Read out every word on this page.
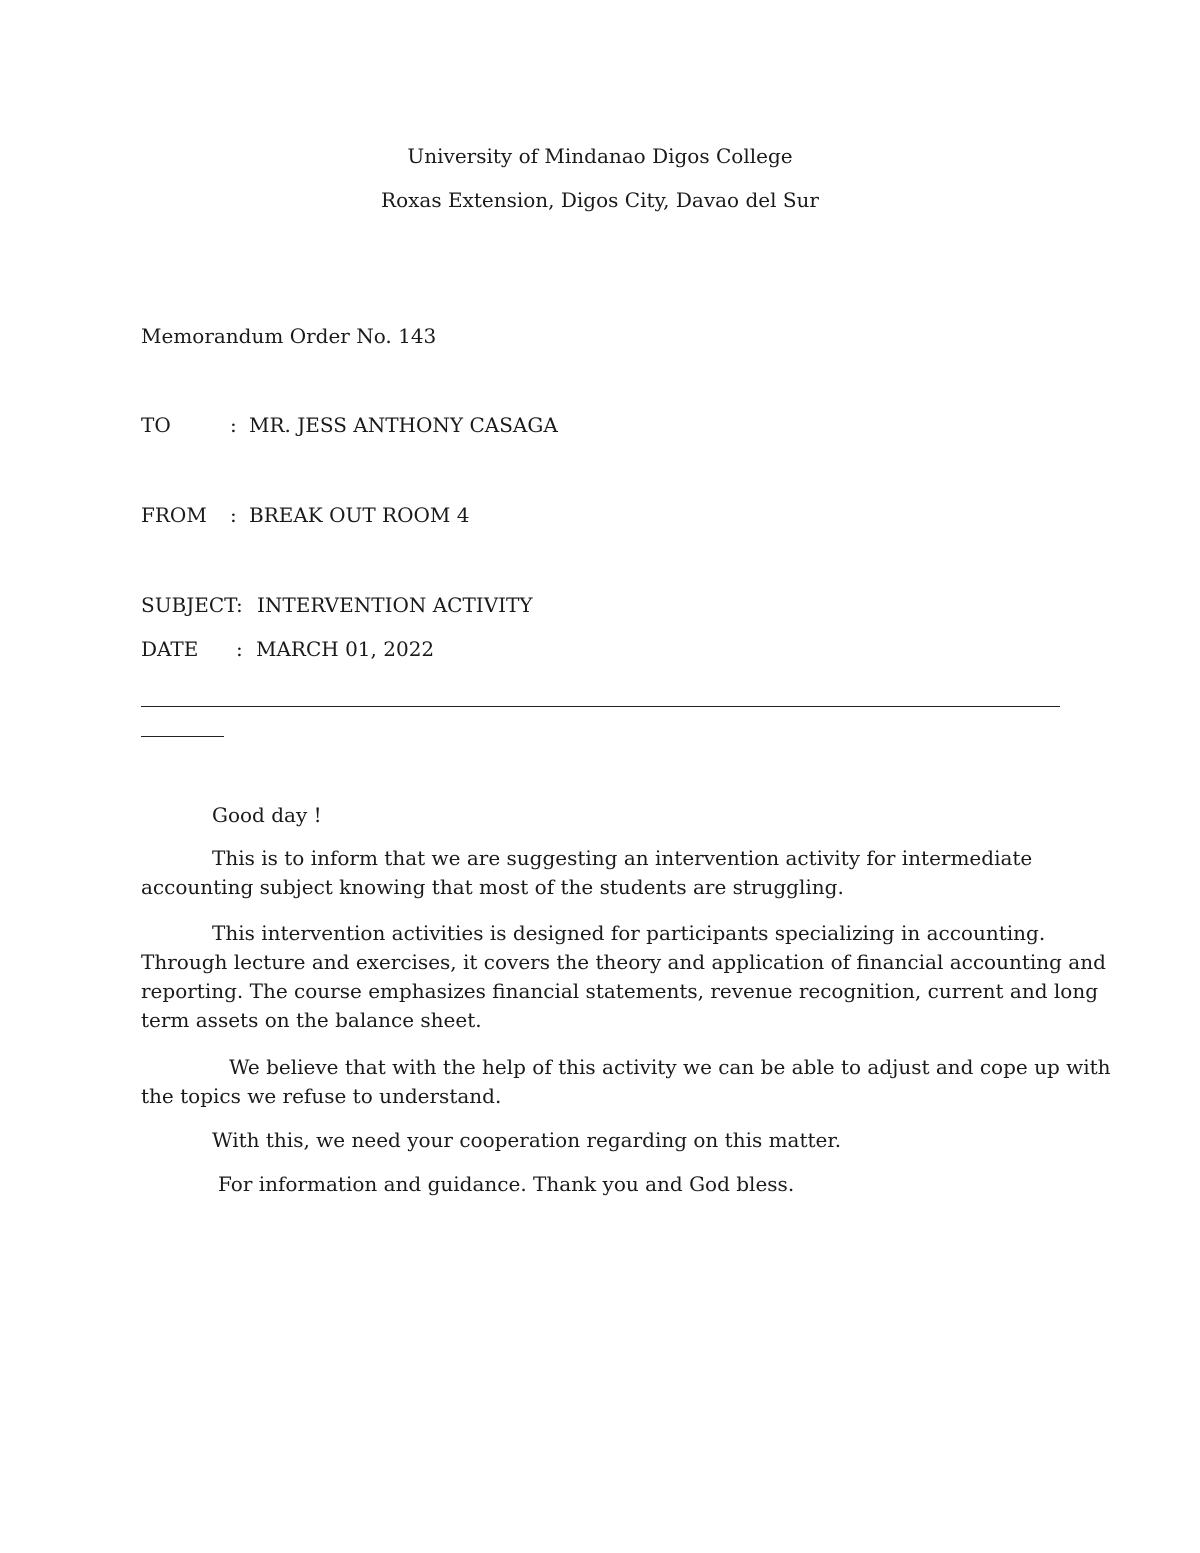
University of Mindanao Digos College
Roxas Extension, Digos City, Davao del Sur
Memorandum Order No. 143
TO	: MR. JESS ANTHONY CASAGA
FROM : BREAK OUT ROOM 4
SUBJECT
: INTERVENTION ACTIVITY
DATE : MARCH 01, 2022
Good day !
This is to inform that we are suggesting an intervention activity for intermediate
accounting subject knowing that most of the students are struggling.
This intervention activities is designed for participants specializing in accounting.
Through lecture and exercises, it covers the theory and application of financial accounting and
reporting. The course emphasizes financial statements, revenue recognition, current and long
term assets on the balance sheet.
We believe that with the help of this activity we can be able to adjust and cope up with
the topics we refuse to understand.
With this, we need your cooperation regarding on this matter.
For information and guidance. Thank you and God bless.
